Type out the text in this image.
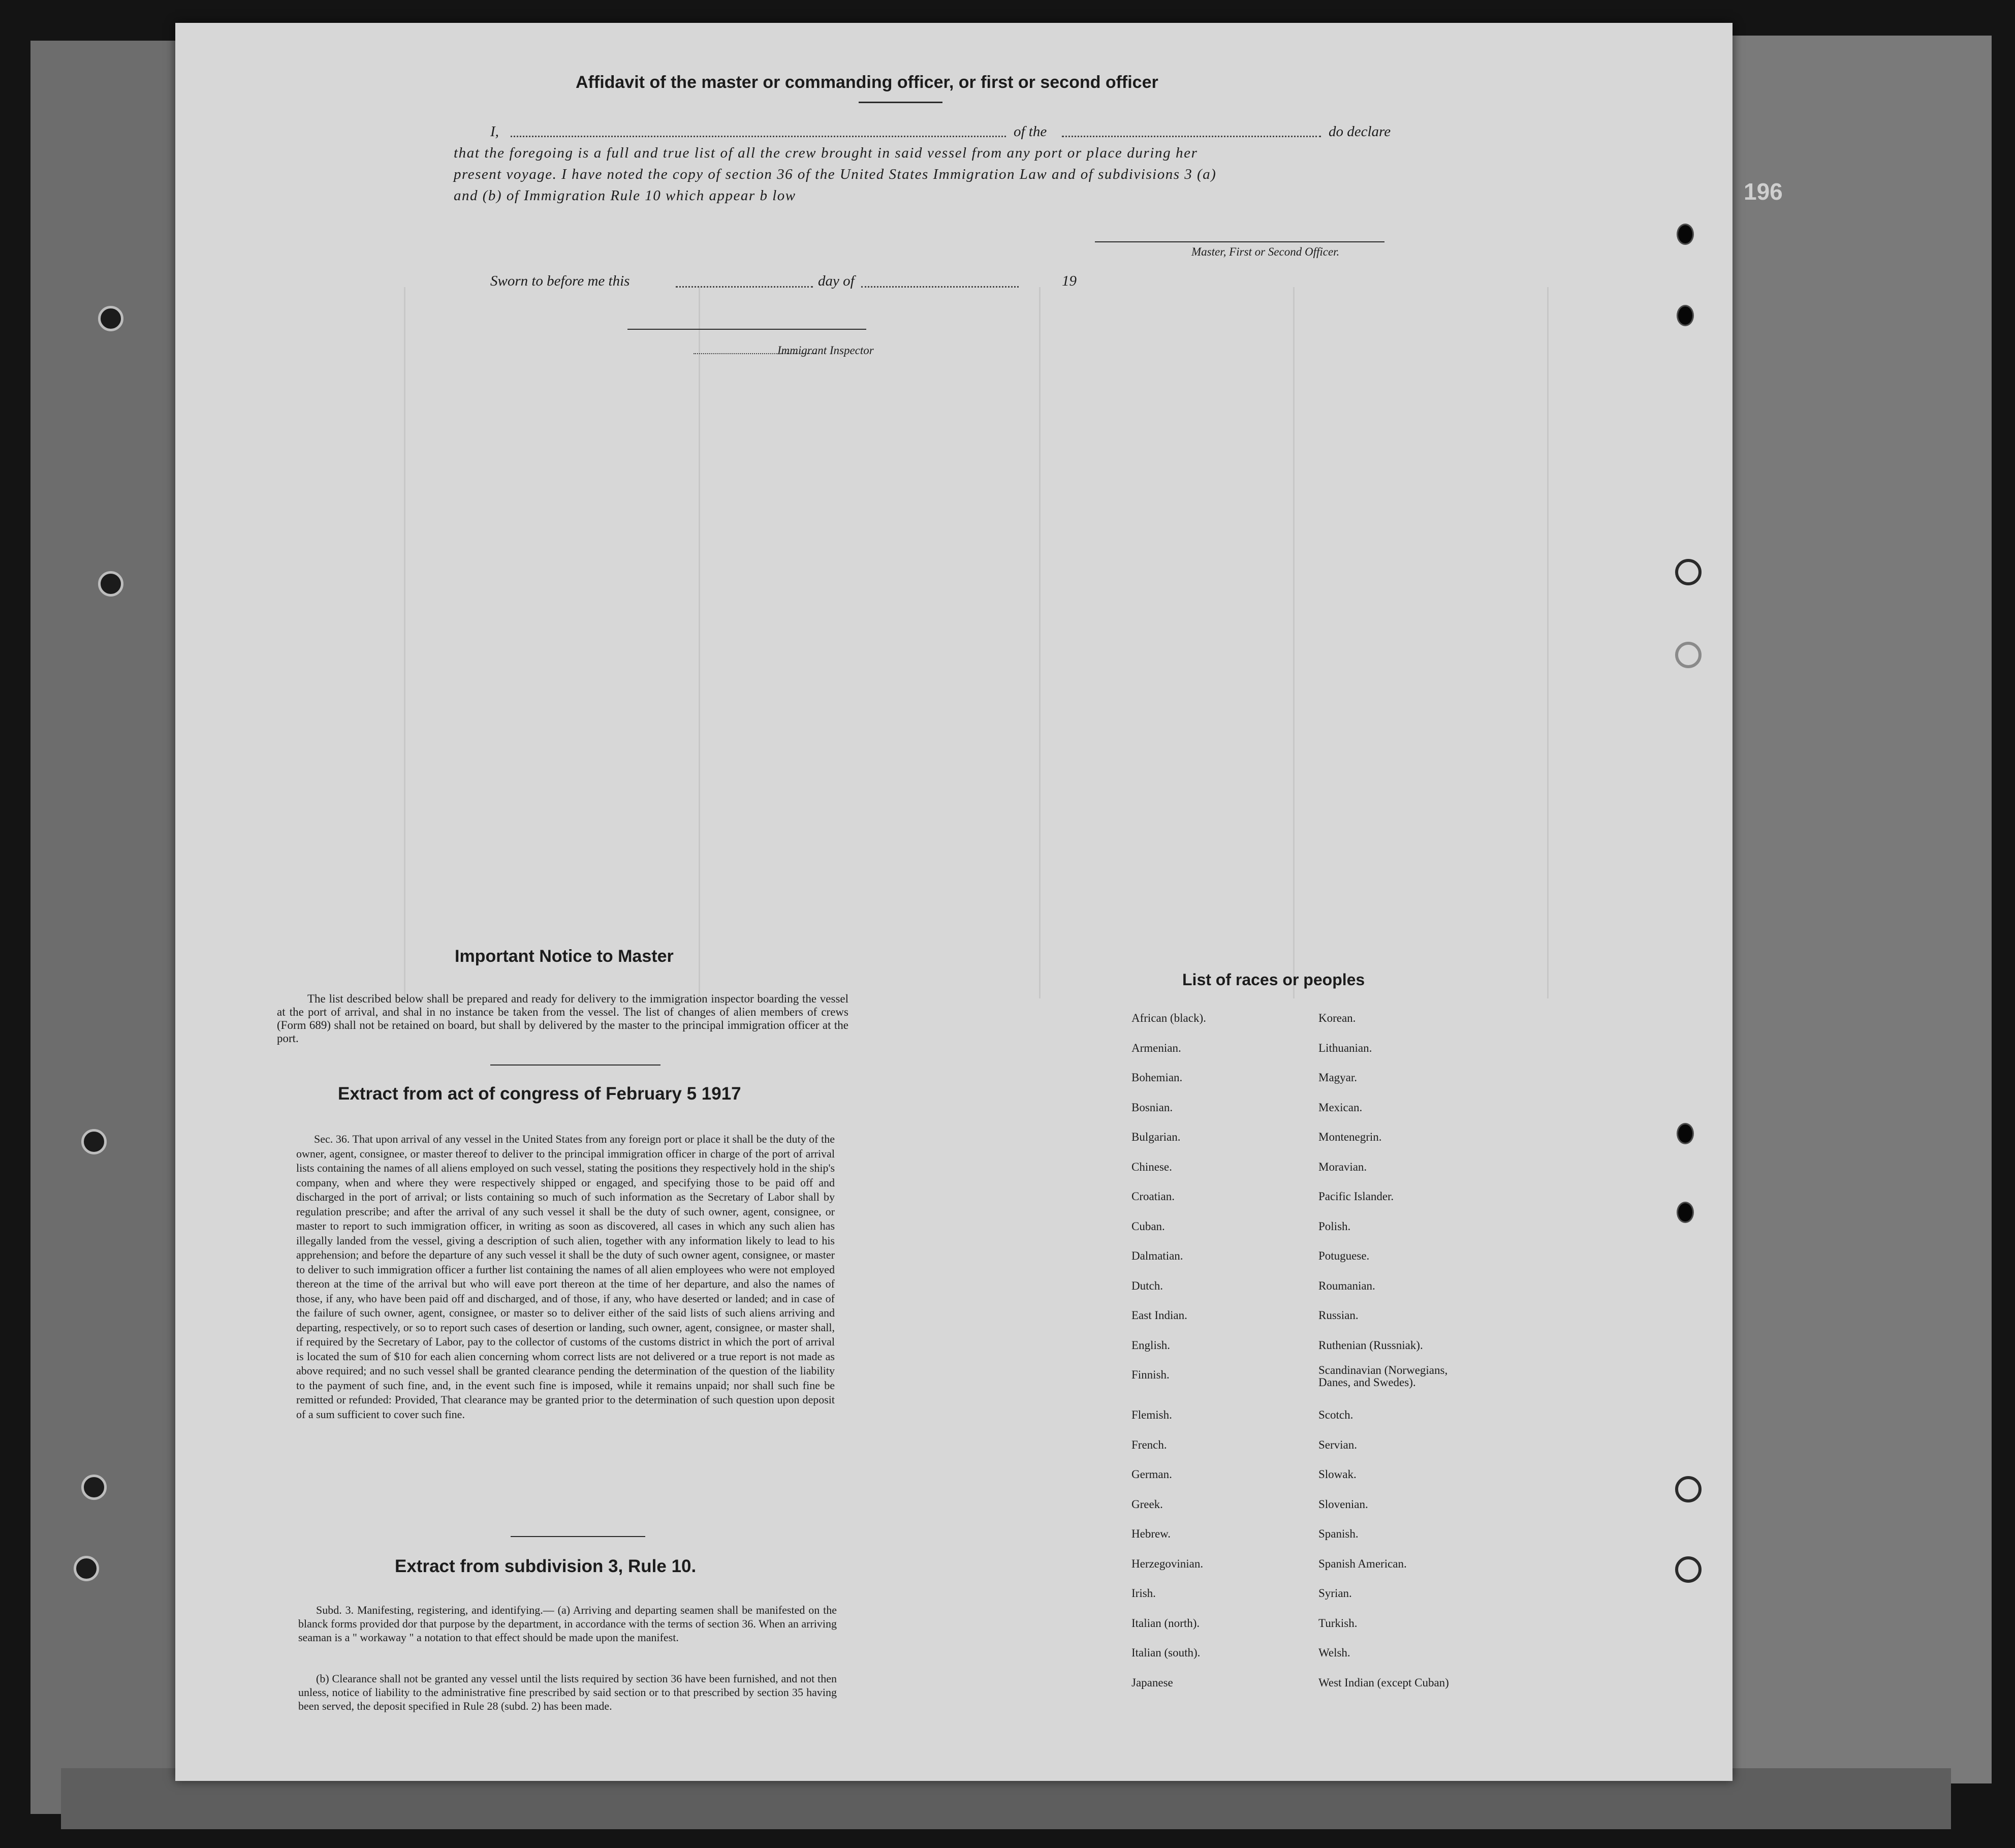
196
Affidavit of the master or commanding officer, or first or second officer
I,	of the	do declare
that the foregoing is a full and true list of all the crew brought in said vessel from any port or place during her
present voyage. I have noted the copy of section 36 of the United States Immigration Law and of subdivisions 3 (a)
and (b) of Immigration Rule 10 which appear b low
Master, First or Second Officer.
Sworn to before me this	day of	19
Immigrant Inspector
Important Notice to Master
The list described below shall be prepared and ready for delivery to the immigration inspector boarding the vessel at the port of arrival, and shal in no instance be taken from the vessel. The list of changes of alien members of crews (Form 689) shall not be retained on board, but shall by delivered by the master to the principal immigration officer at the port.
Extract from act of congress of February 5 1917
Sec. 36. That upon arrival of any vessel in the United States from any foreign port or place it shall be the duty of the owner, agent, consignee, or master thereof to deliver to the principal immigration officer in charge of the port of arrival lists containing the names of all aliens employed on such vessel, stating the positions they respectively hold in the ship's company, when and where they were respectively shipped or engaged, and specifying those to be paid off and discharged in the port of arrival; or lists containing so much of such information as the Secretary of Labor shall by regulation prescribe; and after the arrival of any such vessel it shall be the duty of such owner, agent, consignee, or master to report to such immigration officer, in writing as soon as discovered, all cases in which any such alien has illegally landed from the vessel, giving a description of such alien, together with any information likely to lead to his apprehension; and before the departure of any such vessel it shall be the duty of such owner agent, consignee, or master to deliver to such immigration officer a further list containing the names of all alien employees who were not employed thereon at the time of the arrival but who will eave port thereon at the time of her departure, and also the names of those, if any, who have been paid off and discharged, and of those, if any, who have deserted or landed; and in case of the failure of such owner, agent, consignee, or master so to deliver either of the said lists of such aliens arriving and departing, respectively, or so to report such cases of desertion or landing, such owner, agent, consignee, or master shall, if required by the Secretary of Labor, pay to the collector of customs of the customs district in which the port of arrival is located the sum of $10 for each alien concerning whom correct lists are not delivered or a true report is not made as above required; and no such vessel shall be granted clearance pending the determination of the question of the liability to the payment of such fine, and, in the event such fine is imposed, while it remains unpaid; nor shall such fine be remitted or refunded: Provided, That clearance may be granted prior to the determination of such question upon deposit of a sum sufficient to cover such fine.
Extract from subdivision 3, Rule 10.
Subd. 3. Manifesting, registering, and identifying.— (a) Arriving and departing seamen shall be manifested on the blanck forms provided dor that purpose by the department, in accordance with the terms of section 36. When an arriving seaman is a " workaway " a notation to that effect should be made upon the manifest.
(b) Clearance shall not be granted any vessel until the lists required by section 36 have been furnished, and not then unless, notice of liability to the administrative fine prescribed by said section or to that prescribed by section 35 having been served, the deposit specified in Rule 28 (subd. 2) has been made.
List of races or peoples
African (black).
Armenian.
Bohemian.
Bosnian.
Bulgarian.
Chinese.
Croatian.
Cuban.
Dalmatian.
Dutch.
East Indian.
English.
Finnish.
Flemish.
French.
German.
Greek.
Hebrew.
Herzegovinian.
Irish.
Italian (north).
Italian (south).
Japanese
Korean.
Lithuanian.
Magyar.
Mexican.
Montenegrin.
Moravian.
Pacific Islander.
Polish.
Potuguese.
Roumanian.
Russian.
Ruthenian (Russniak).
Scandinavian (Norwegians, Danes, and Swedes).
Scotch.
Servian.
Slowak.
Slovenian.
Spanish.
Spanish American.
Syrian.
Turkish.
Welsh.
West Indian (except Cuban)
